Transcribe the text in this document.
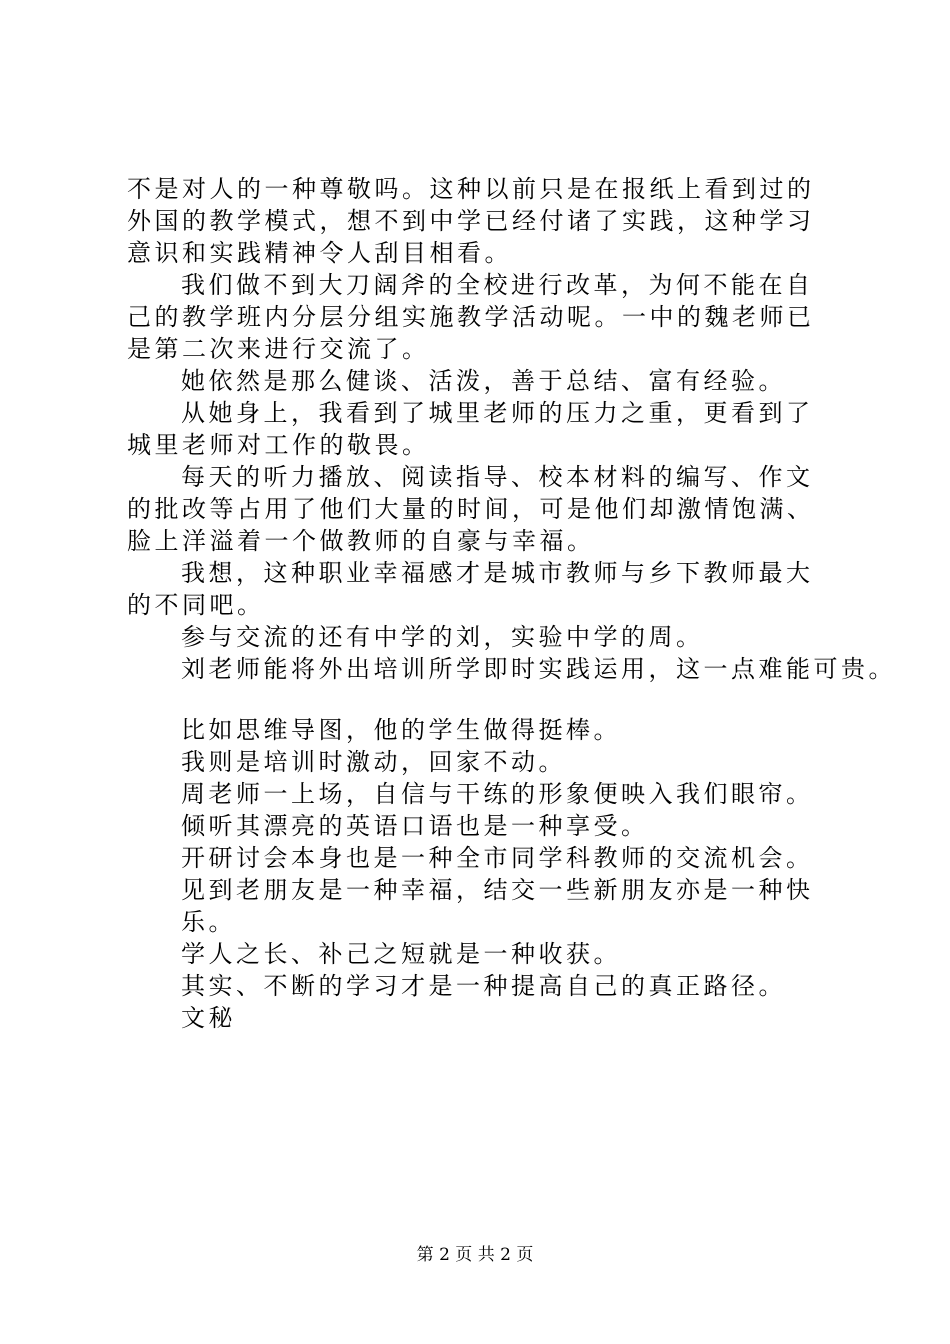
不是对人的一种尊敬吗。这种以前只是在报纸上看到过的外国的教学模式，想不到中学已经付诸了实践，这种学习意识和实践精神令人刮目相看。

我们做不到大刀阔斧的全校进行改革，为何不能在自己的教学班内分层分组实施教学活动呢。一中的魏老师已是第二次来进行交流了。

她依然是那么健谈、活泼，善于总结、富有经验。

从她身上，我看到了城里老师的压力之重，更看到了城里老师对工作的敬畏。

每天的听力播放、阅读指导、校本材料的编写、作文的批改等占用了他们大量的时间，可是他们却激情饱满、脸上洋溢着一个做教师的自豪与幸福。

我想，这种职业幸福感才是城市教师与乡下教师最大的不同吧。

参与交流的还有中学的刘，实验中学的周。

刘老师能将外出培训所学即时实践运用，这一点难能可贵。

比如思维导图，他的学生做得挺棒。

我则是培训时激动，回家不动。

周老师一上场，自信与干练的形象便映入我们眼帘。

倾听其漂亮的英语口语也是一种享受。

开研讨会本身也是一种全市同学科教师的交流机会。

见到老朋友是一种幸福，结交一些新朋友亦是一种快乐。

学人之长、补己之短就是一种收获。

其实、不断的学习才是一种提高自己的真正路径。

文秘

第 2 页 共 2 页
